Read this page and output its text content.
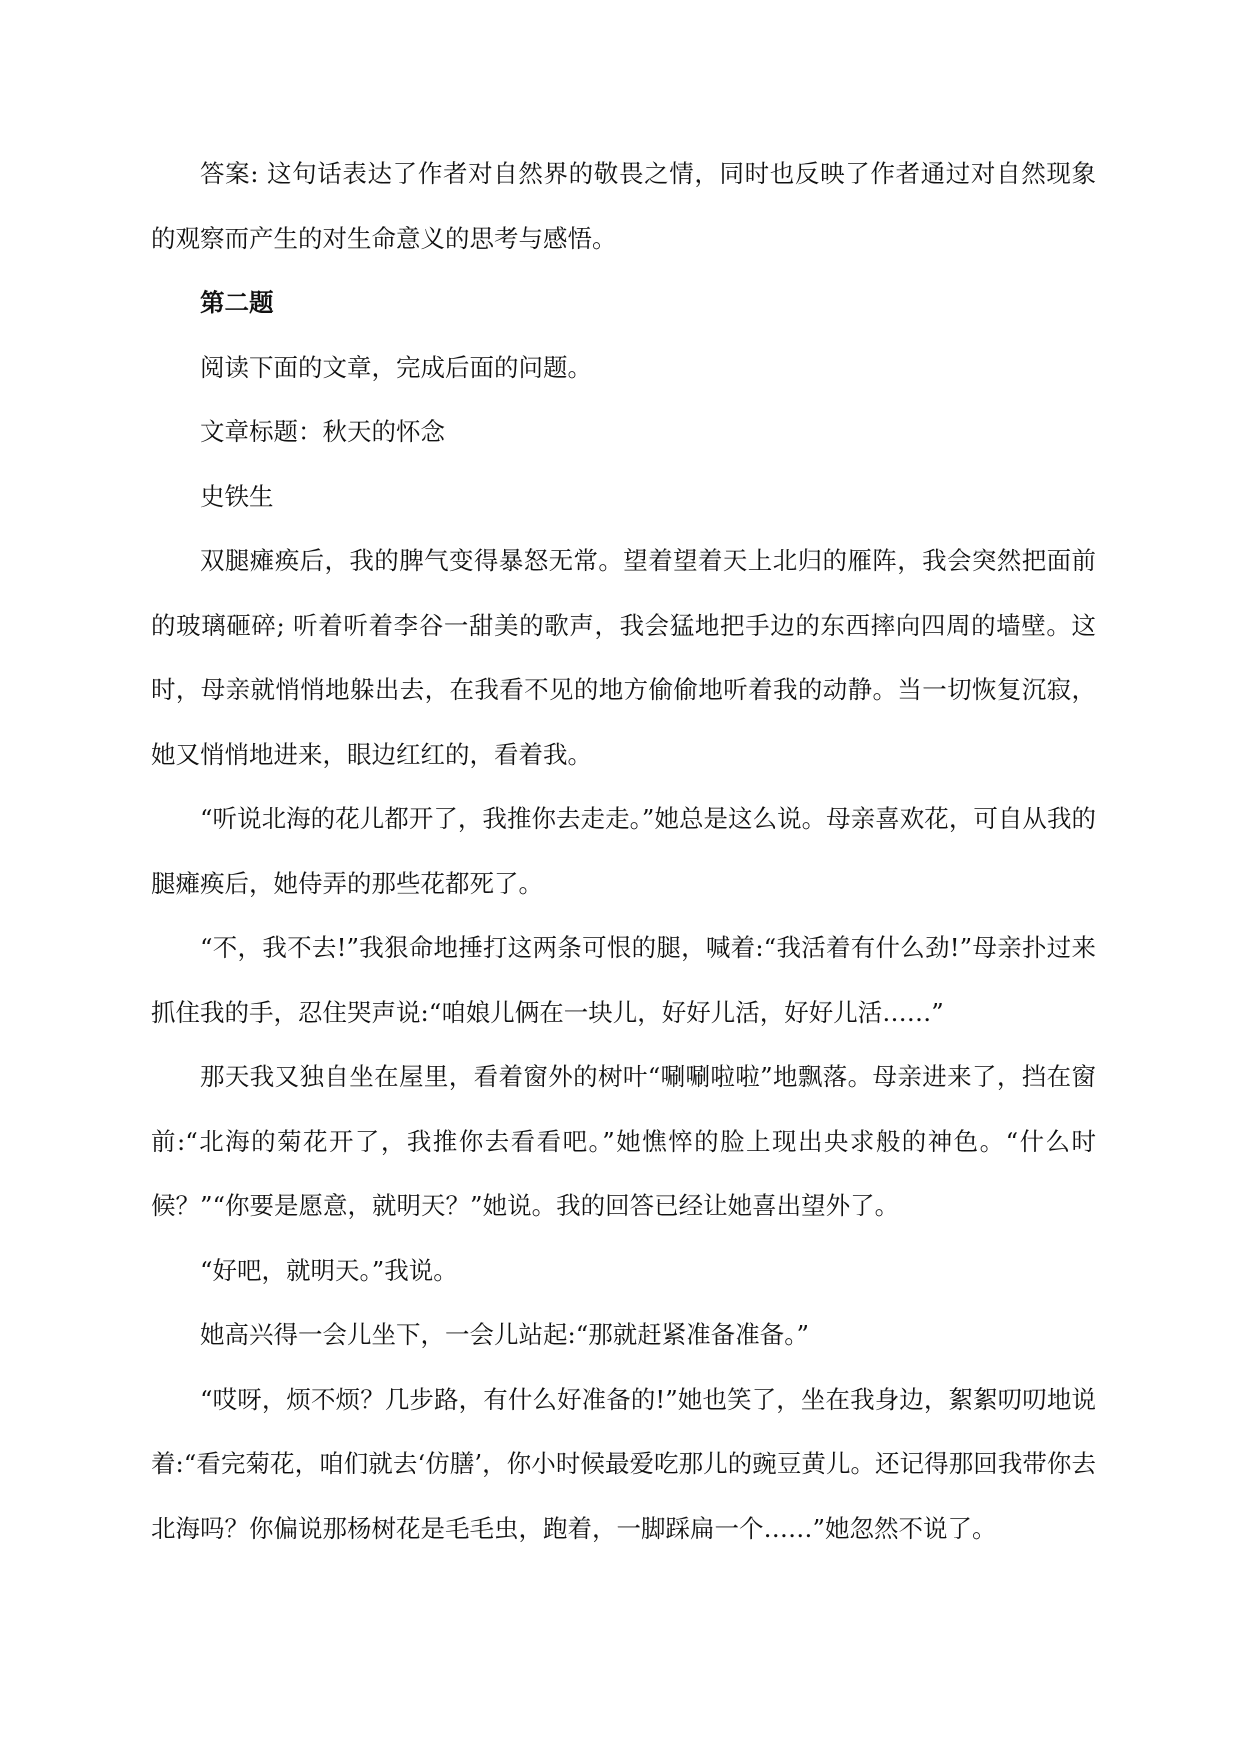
答案: 这句话表达了作者对自然界的敬畏之情，同时也反映了作者通过对自然现象的观察而产生的对生命意义的思考与感悟。

第二题

阅读下面的文章，完成后面的问题。

文章标题：秋天的怀念

史铁生

双腿瘫痪后，我的脾气变得暴怒无常。望着望着天上北归的雁阵，我会突然把面前的玻璃砸碎; 听着听着李谷一甜美的歌声，我会猛地把手边的东西摔向四周的墙壁。这时，母亲就悄悄地躲出去，在我看不见的地方偷偷地听着我的动静。当一切恢复沉寂，她又悄悄地进来，眼边红红的，看着我。

“听说北海的花儿都开了，我推你去走走。”她总是这么说。母亲喜欢花，可自从我的腿瘫痪后，她侍弄的那些花都死了。

“不，我不去!”我狠命地捶打这两条可恨的腿，喊着:“我活着有什么劲!”母亲扑过来抓住我的手，忍住哭声说:“咱娘儿俩在一块儿，好好儿活，好好儿活……”

那天我又独自坐在屋里，看着窗外的树叶“唰唰啦啦”地飘落。母亲进来了，挡在窗前:“北海的菊花开了，我推你去看看吧。”她憔悴的脸上现出央求般的神色。“什么时候？”“你要是愿意，就明天？”她说。我的回答已经让她喜出望外了。

“好吧，就明天。”我说。

她高兴得一会儿坐下，一会儿站起:“那就赶紧准备准备。”

“哎呀，烦不烦？几步路，有什么好准备的!”她也笑了，坐在我身边，絮絮叨叨地说着:“看完菊花，咱们就去‘仿膳’，你小时候最爱吃那儿的豌豆黄儿。还记得那回我带你去北海吗？你偏说那杨树花是毛毛虫，跑着，一脚踩扁一个……”她忽然不说了。
